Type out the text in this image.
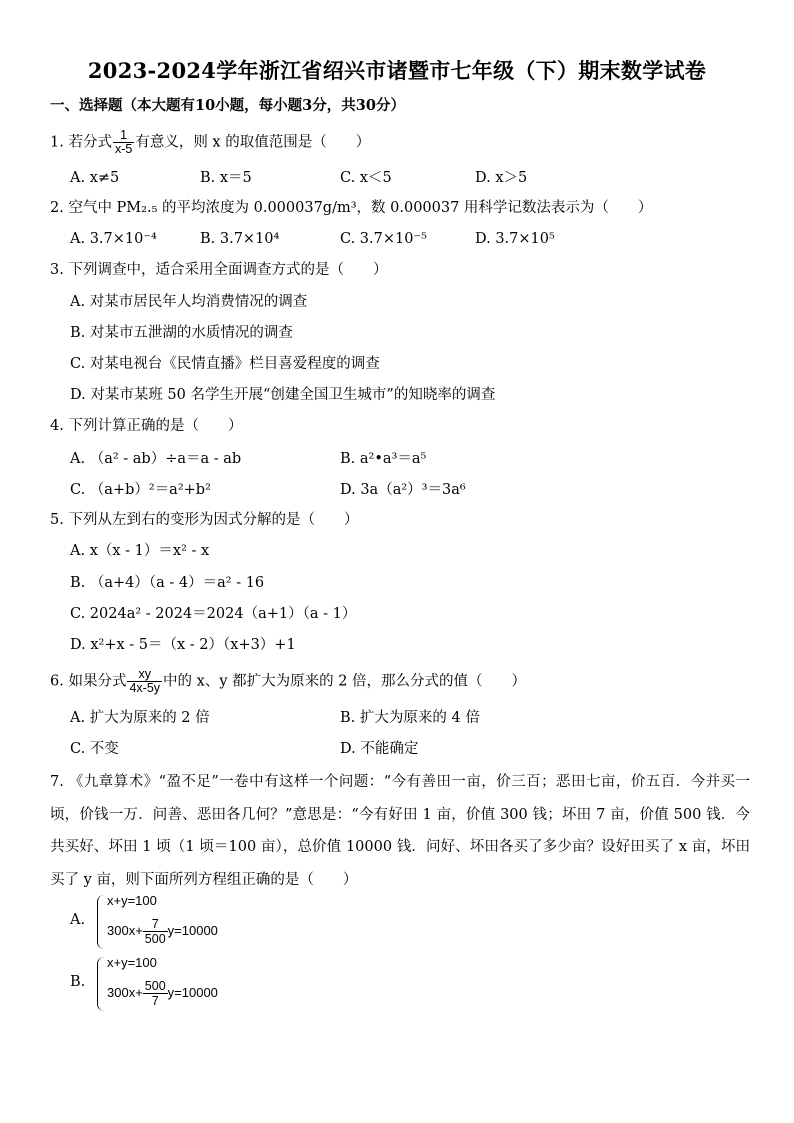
2023-2024学年浙江省绍兴市诸暨市七年级（下）期末数学试卷
一、选择题（本大题有10小题，每小题3分，共30分）
1. 若分式 $\frac{1}{x-5}$ 有意义，则 x 的取值范围是（　　）
A. x≠5	B. x＝5	C. x＜5	D. x＞5
2. 空气中 PM₂.₅ 的平均浓度为 0.000037g/m³，数 0.000037 用科学记数法表示为（　　）
A. 3.7×10⁻⁴	B. 3.7×10⁴	C. 3.7×10⁻⁵	D. 3.7×10⁵
3. 下列调查中，适合采用全面调查方式的是（　　）
A. 对某市居民年人均消费情况的调查
B. 对某市五泄湖的水质情况的调查
C. 对某电视台《民情直播》栏目喜爱程度的调查
D. 对某市某班 50 名学生开展“创建全国卫生城市”的知晓率的调查
4. 下列计算正确的是（　　）
A. （a² - ab）÷a＝a - ab	B. a²•a³＝a⁵
C. （a+b）²＝a²+b²	D. 3a（a²）³＝3a⁶
5. 下列从左到右的变形为因式分解的是（　　）
A. x（x - 1）＝x² - x
B. （a+4）（a - 4）＝a² - 16
C. 2024a² - 2024＝2024（a+1）（a - 1）
D. x²+x - 5＝（x - 2）（x+3）+1
6. 如果分式 $\frac{xy}{4x-5y}$ 中的 x、y 都扩大为原来的 2 倍，那么分式的值（　　）
A. 扩大为原来的 2 倍	B. 扩大为原来的 4 倍
C. 不变	D. 不能确定
7. 《九章算术》“盈不足”一卷中有这样一个问题：“今有善田一亩，价三百；恶田七亩，价五百．今并买一顷，价钱一万．问善、恶田各几何？”意思是：“今有好田 1 亩，价值 300 钱；坏田 7 亩，价值 500 钱．今共买好、坏田 1 顷（1 顷＝100 亩），总价值 10000 钱．问好、坏田各买了多少亩？设好田买了 x 亩，坏田买了 y 亩，则下面所列方程组正确的是（　　）
A.
x+y=100
$300x+ \frac{7}{500} y=10000$
B.
x+y=100
$300x+ \frac{500}{7} y=10000$
